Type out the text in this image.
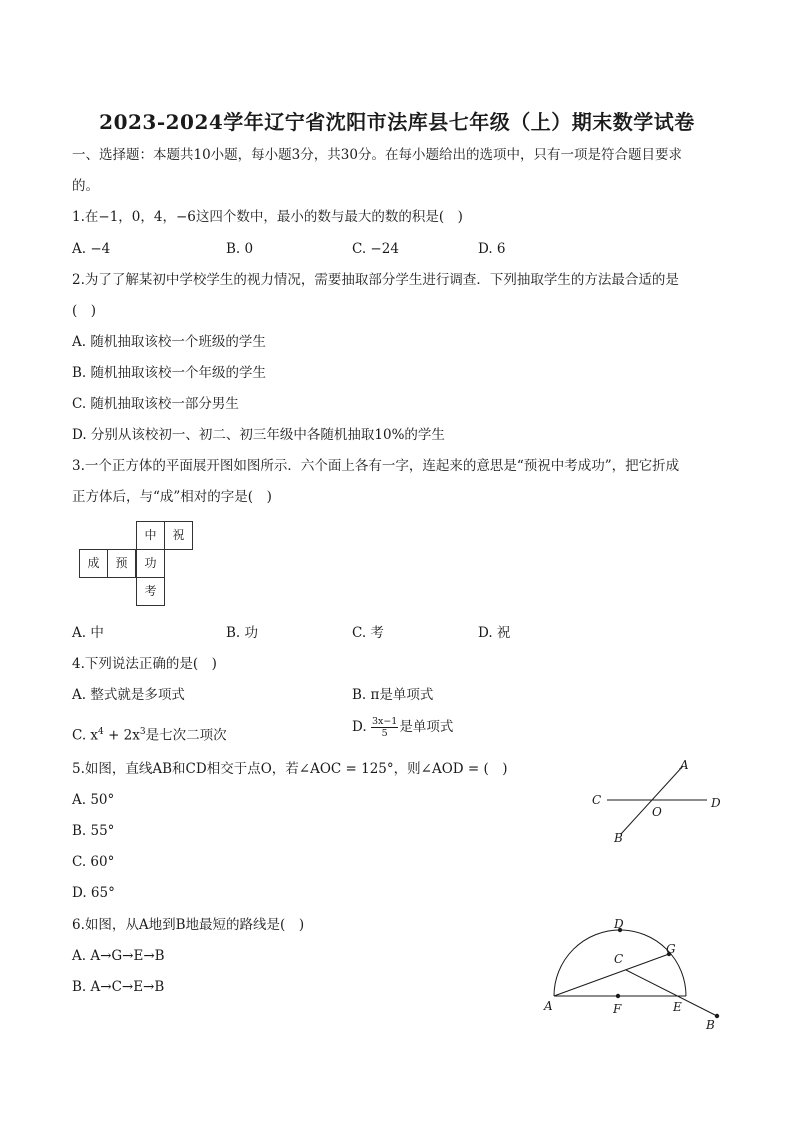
2023-2024学年辽宁省沈阳市法库县七年级（上）期末数学试卷
一、选择题：本题共10小题，每小题3分，共30分。在每小题给出的选项中，只有一项是符合题目要求
的。
1.在−1，0，4，−6这四个数中，最小的数与最大的数的积是(　)
A. −4	B. 0	C. −24	D. 6
2.为了了解某初中学校学生的视力情况，需要抽取部分学生进行调查．下列抽取学生的方法最合适的是
(　)
A. 随机抽取该校一个班级的学生
B. 随机抽取该校一个年级的学生
C. 随机抽取该校一部分男生
D. 分别从该校初一、初二、初三年级中各随机抽取10%的学生
3.一个正方体的平面展开图如图所示．六个面上各有一字，连起来的意思是“预祝中考成功”，把它折成
正方体后，与“成”相对的字是(　)
中	祝
成	预	功
考
A. 中	B. 功	C. 考	D. 祝
4.下列说法正确的是(　)
A. 整式就是多项式	B. π是单项式
C. $x^4 + 2x^3$是七次二项次
D. $\frac{3x-1}{5}$ 是单项式
5.如图，直线AB和CD相交于点O，若∠AOC = 125°，则∠AOD = (　)
A. 50°
B. 55°
C. 60°
D. 65°
A
C	D
O
B
6.如图，从A地到B地最短的路线是(　)
A. A→G→E→B
B. A→C→E→B
D
G
C
A	F	E
B
